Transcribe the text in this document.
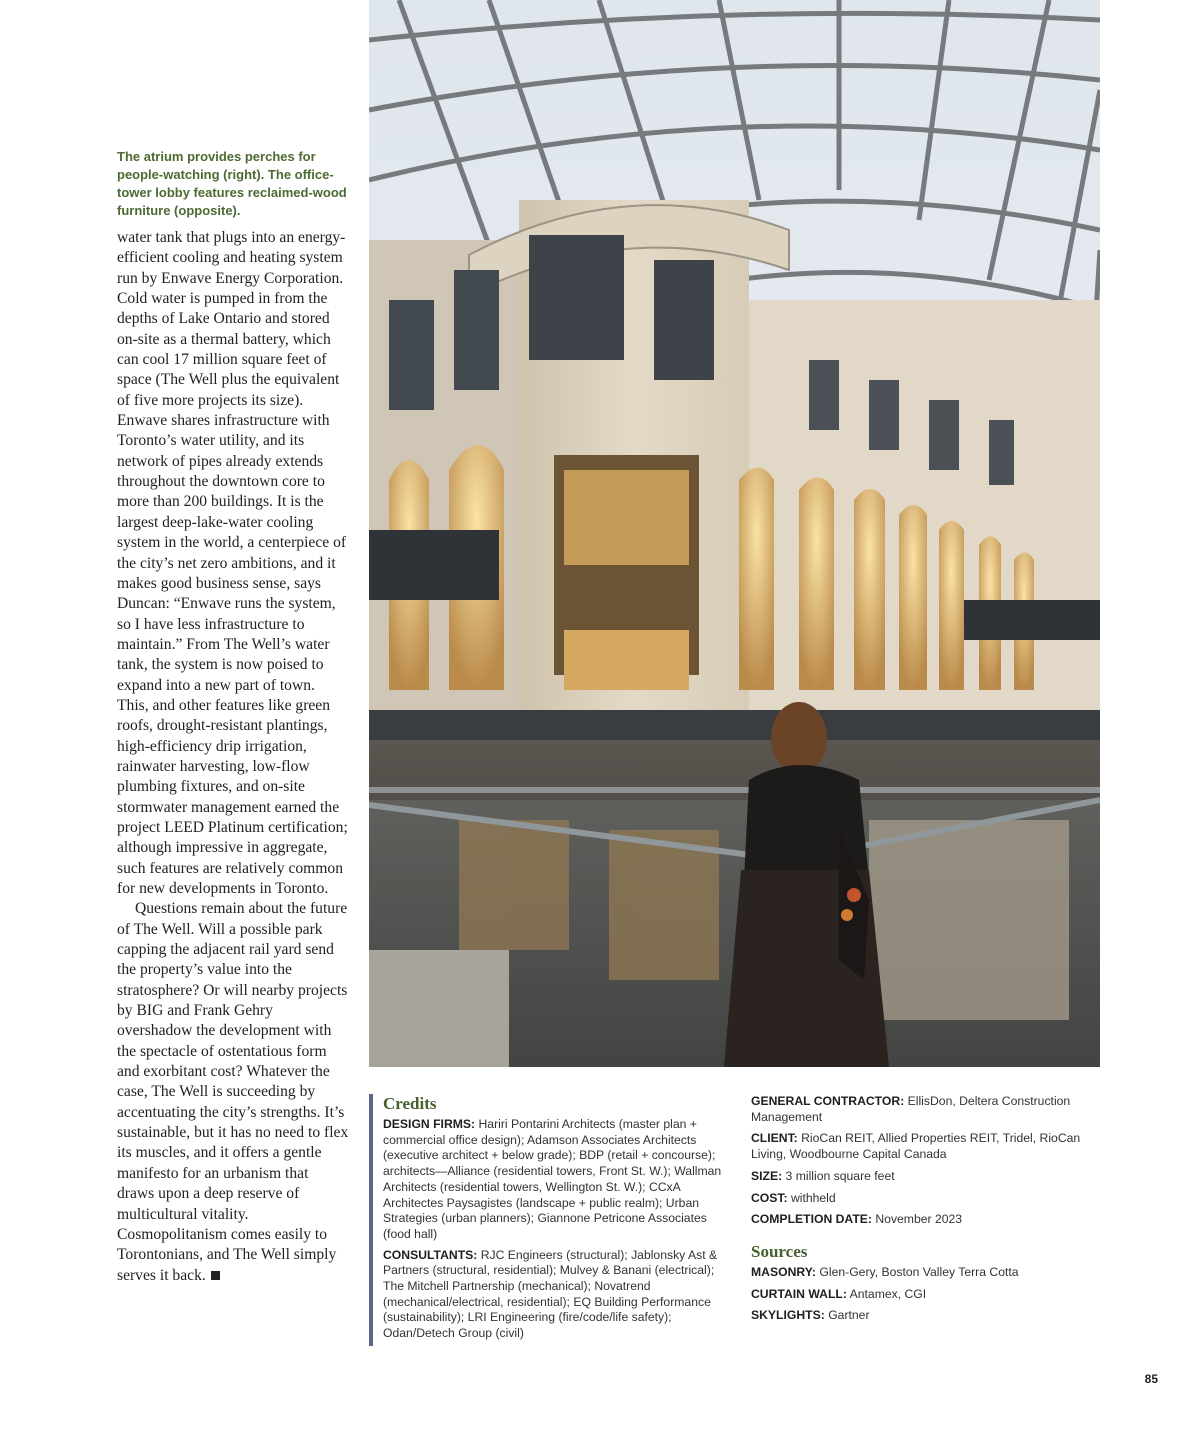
The atrium provides perches for people-watching (right). The office-tower lobby features reclaimed-wood furniture (opposite).

water tank that plugs into an energy-efficient cooling and heating system run by Enwave Energy Corporation. Cold water is pumped in from the depths of Lake Ontario and stored on-site as a thermal battery, which can cool 17 million square feet of space (The Well plus the equivalent of five more projects its size). Enwave shares infrastructure with Toronto’s water utility, and its network of pipes already extends throughout the downtown core to more than 200 buildings. It is the largest deep-lake-water cooling system in the world, a centerpiece of the city’s net zero ambitions, and it makes good business sense, says Duncan: “Enwave runs the system, so I have less infrastructure to maintain.” From The Well’s water tank, the system is now poised to expand into a new part of town. This, and other features like green roofs, drought-resistant plantings, high-efficiency drip irrigation, rainwater harvesting, low-flow plumbing fixtures, and on-site stormwater management earned the project LEED Platinum certification; although impressive in aggregate, such features are relatively common for new developments in Toronto.

Questions remain about the future of The Well. Will a possible park capping the adjacent rail yard send the property’s value into the stratosphere? Or will nearby projects by BIG and Frank Gehry overshadow the development with the spectacle of ostentatious form and exorbitant cost? Whatever the case, The Well is succeeding by accentuating the city’s strengths. It’s sustainable, but it has no need to flex its muscles, and it offers a gentle manifesto for an urbanism that draws upon a deep reserve of multicultural vitality. Cosmopolitanism comes easily to Torontonians, and The Well simply serves it back.

Credits

DESIGN FIRMS: Hariri Pontarini Architects (master plan + commercial office design); Adamson Associates Architects (executive architect + below grade); BDP (retail + concourse); architects—Alliance (residential towers, Front St. W.); Wallman Architects (residential towers, Wellington St. W.); CCxA Architectes Paysagistes (landscape + public realm); Urban Strategies (urban planners); Giannone Petricone Associates (food hall)

CONSULTANTS: RJC Engineers (structural); Jablonsky Ast & Partners (structural, residential); Mulvey & Banani (electrical); The Mitchell Partnership (mechanical); Novatrend (mechanical/electrical, residential); EQ Building Performance (sustainability); LRI Engineering (fire/code/life safety); Odan/Detech Group (civil)

GENERAL CONTRACTOR: EllisDon, Deltera Construction Management

CLIENT: RioCan REIT, Allied Properties REIT, Tridel, RioCan Living, Woodbourne Capital Canada

SIZE: 3 million square feet

COST: withheld

COMPLETION DATE: November 2023

Sources

MASONRY: Glen-Gery, Boston Valley Terra Cotta

CURTAIN WALL: Antamex, CGI

SKYLIGHTS: Gartner

85
